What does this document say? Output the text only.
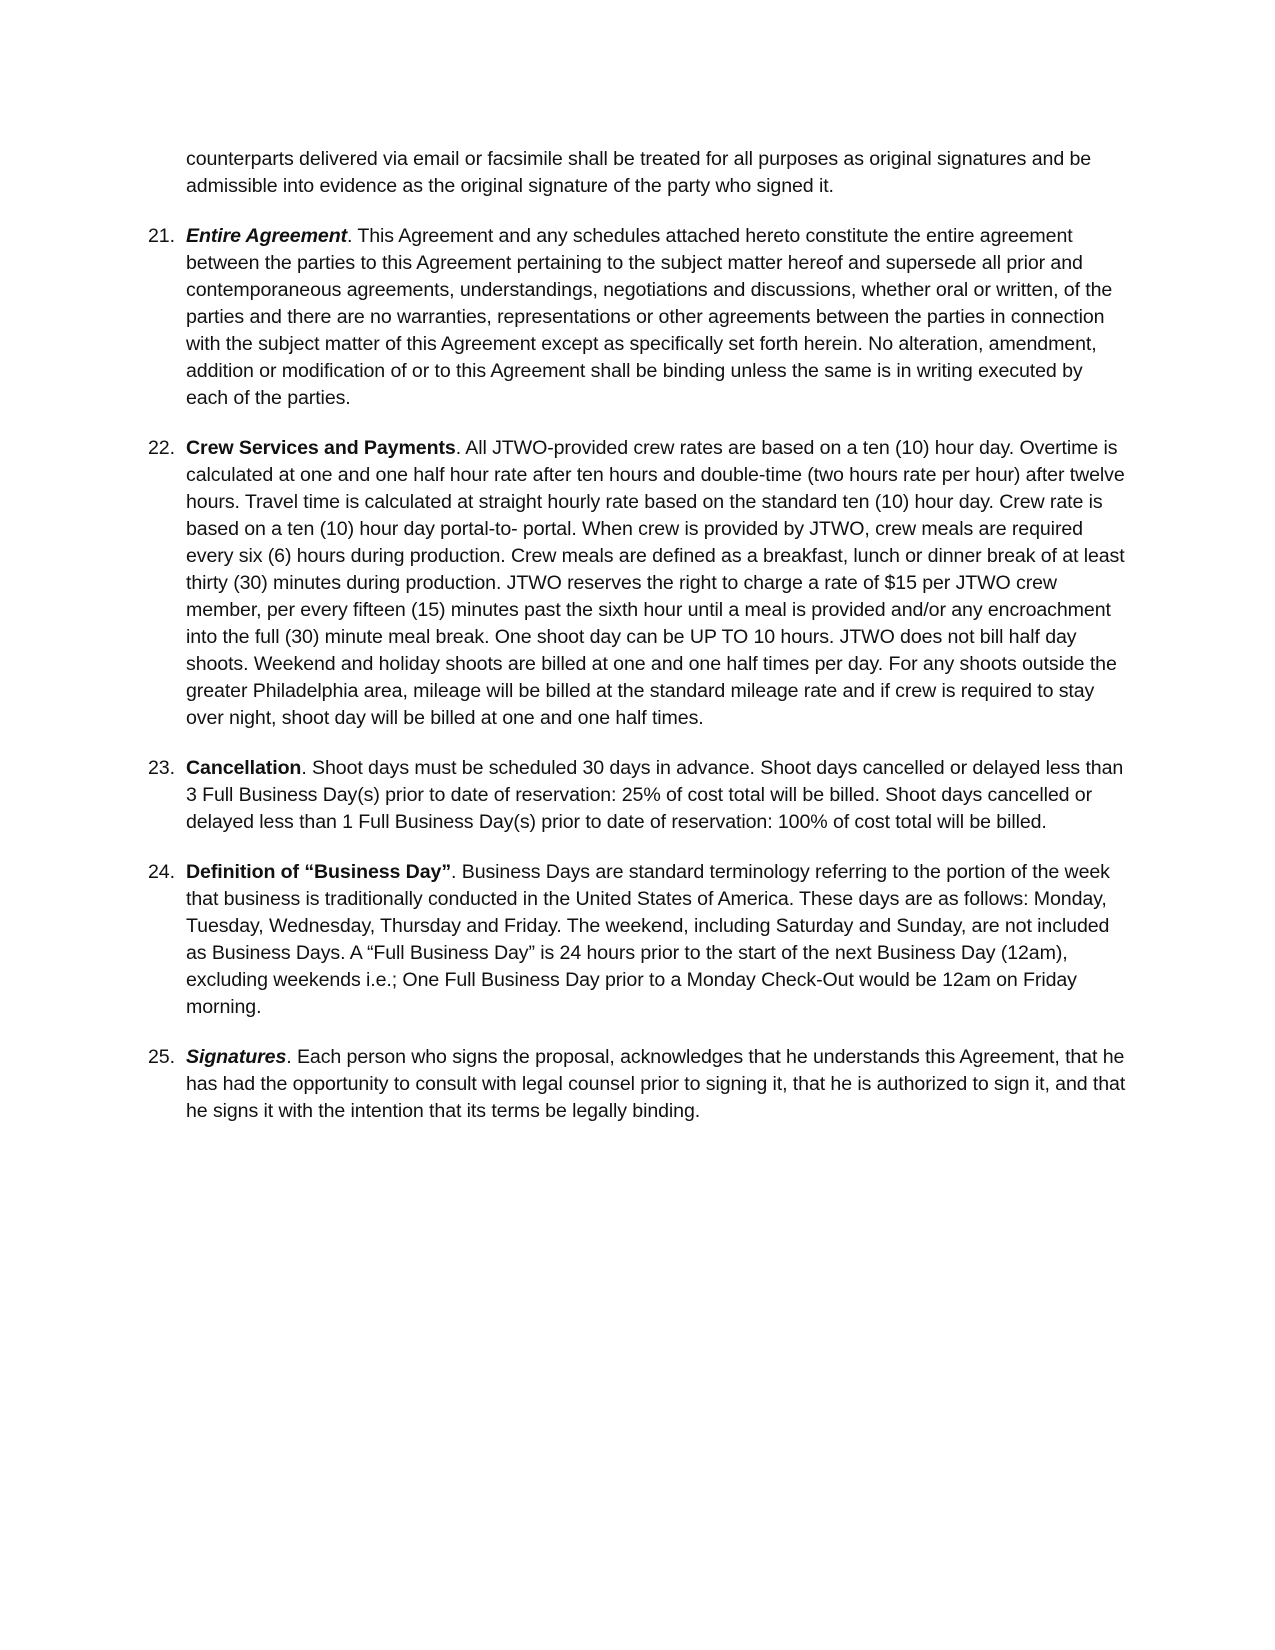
counterparts delivered via email or facsimile shall be treated for all purposes as original signatures and be admissible into evidence as the original signature of the party who signed it.

21. Entire Agreement. This Agreement and any schedules attached hereto constitute the entire agreement between the parties to this Agreement pertaining to the subject matter hereof and supersede all prior and contemporaneous agreements, understandings, negotiations and discussions, whether oral or written, of the parties and there are no warranties, representations or other agreements between the parties in connection with the subject matter of this Agreement except as specifically set forth herein. No alteration, amendment, addition or modification of or to this Agreement shall be binding unless the same is in writing executed by each of the parties.
22. Crew Services and Payments. All JTWO-provided crew rates are based on a ten (10) hour day. Overtime is calculated at one and one half hour rate after ten hours and double-time (two hours rate per hour) after twelve hours. Travel time is calculated at straight hourly rate based on the standard ten (10) hour day. Crew rate is based on a ten (10) hour day portal-to- portal. When crew is provided by JTWO, crew meals are required every six (6) hours during production. Crew meals are defined as a breakfast, lunch or dinner break of at least thirty (30) minutes during production. JTWO reserves the right to charge a rate of $15 per JTWO crew member, per every fifteen (15) minutes past the sixth hour until a meal is provided and/or any encroachment into the full (30) minute meal break. One shoot day can be UP TO 10 hours. JTWO does not bill half day shoots. Weekend and holiday shoots are billed at one and one half times per day. For any shoots outside the greater Philadelphia area, mileage will be billed at the standard mileage rate and if crew is required to stay over night, shoot day will be billed at one and one half times.
23. Cancellation. Shoot days must be scheduled 30 days in advance. Shoot days cancelled or delayed less than 3 Full Business Day(s) prior to date of reservation: 25% of cost total will be billed. Shoot days cancelled or delayed less than 1 Full Business Day(s) prior to date of reservation: 100% of cost total will be billed.
24. Definition of “Business Day”. Business Days are standard terminology referring to the portion of the week that business is traditionally conducted in the United States of America. These days are as follows: Monday, Tuesday, Wednesday, Thursday and Friday. The weekend, including Saturday and Sunday, are not included as Business Days. A “Full Business Day” is 24 hours prior to the start of the next Business Day (12am), excluding weekends i.e.; One Full Business Day prior to a Monday Check-Out would be 12am on Friday morning.
25. Signatures. Each person who signs the proposal, acknowledges that he understands this Agreement, that he has had the opportunity to consult with legal counsel prior to signing it, that he is authorized to sign it, and that he signs it with the intention that its terms be legally binding.
